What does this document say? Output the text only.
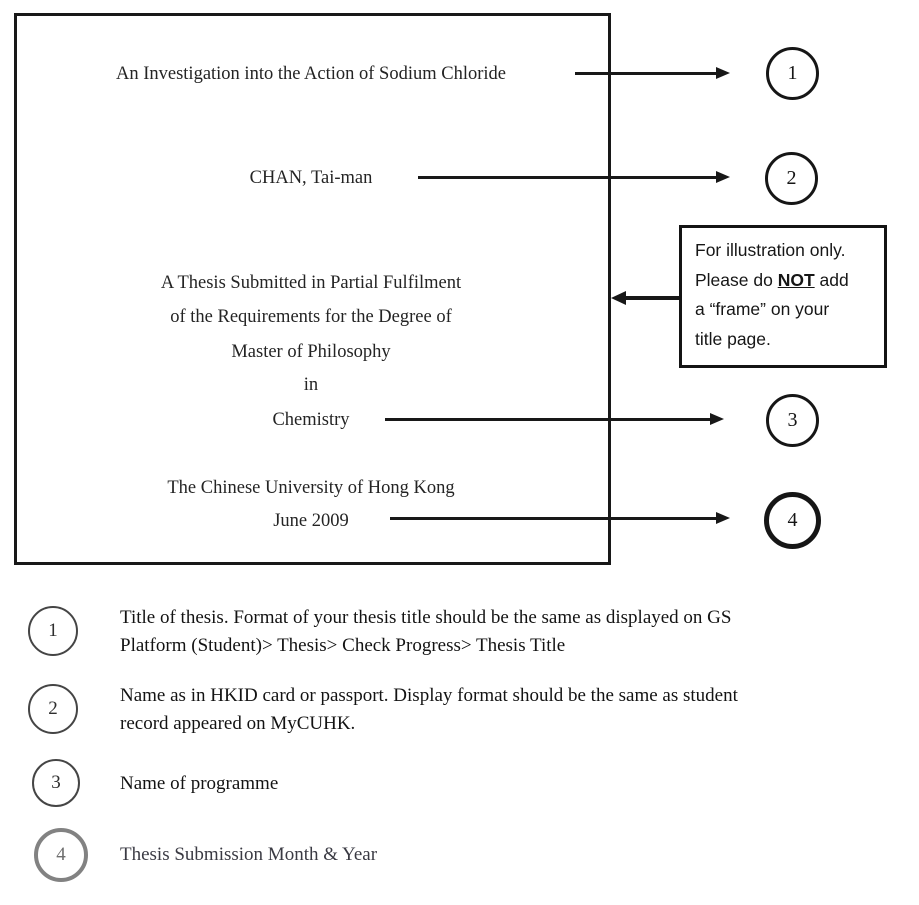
An Investigation into the Action of Sodium Chloride
CHAN, Tai-man
A Thesis Submitted in Partial Fulfilment
of the Requirements for the Degree of
Master of Philosophy
in
Chemistry
The Chinese University of Hong Kong
June 2009
For illustration only.
Please do NOT add
a “frame” on your
title page.
1
2
3
4
1
Title of thesis. Format of your thesis title should be the same as displayed on GS
Platform (Student)> Thesis> Check Progress> Thesis Title
2
Name as in HKID card or passport. Display format should be the same as student
record appeared on MyCUHK.
3	Name of programme
4	Thesis Submission Month & Year
